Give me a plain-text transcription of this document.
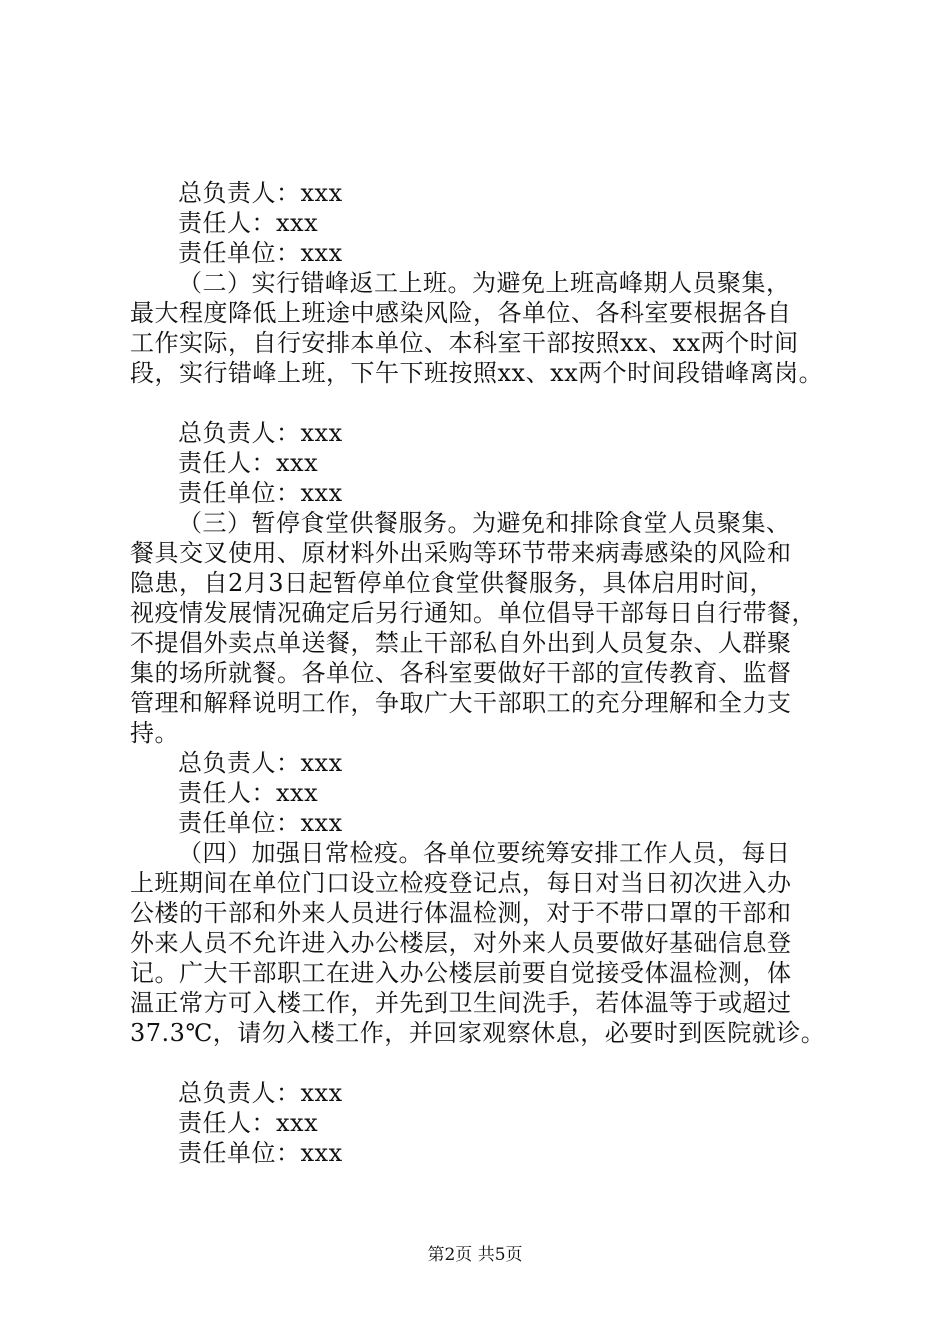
总负责人：xxx
责任人：xxx
责任单位：xxx
（二）实行错峰返工上班。为避免上班高峰期人员聚集，
最大程度降低上班途中感染风险，各单位、各科室要根据各自
工作实际，自行安排本单位、本科室干部按照xx、xx两个时间
段，实行错峰上班，下午下班按照xx、xx两个时间段错峰离岗。
总负责人：xxx
责任人：xxx
责任单位：xxx
（三）暂停食堂供餐服务。为避免和排除食堂人员聚集、
餐具交叉使用、原材料外出采购等环节带来病毒感染的风险和
隐患，自2月3日起暂停单位食堂供餐服务，具体启用时间，
视疫情发展情况确定后另行通知。单位倡导干部每日自行带餐，
不提倡外卖点单送餐，禁止干部私自外出到人员复杂、人群聚
集的场所就餐。各单位、各科室要做好干部的宣传教育、监督
管理和解释说明工作，争取广大干部职工的充分理解和全力支
持。
总负责人：xxx
责任人：xxx
责任单位：xxx
（四）加强日常检疫。各单位要统筹安排工作人员，每日
上班期间在单位门口设立检疫登记点，每日对当日初次进入办
公楼的干部和外来人员进行体温检测，对于不带口罩的干部和
外来人员不允许进入办公楼层，对外来人员要做好基础信息登
记。广大干部职工在进入办公楼层前要自觉接受体温检测，体
温正常方可入楼工作，并先到卫生间洗手，若体温等于或超过
37.3℃，请勿入楼工作，并回家观察休息，必要时到医院就诊。
总负责人：xxx
责任人：xxx
责任单位：xxx
第2页 共5页
